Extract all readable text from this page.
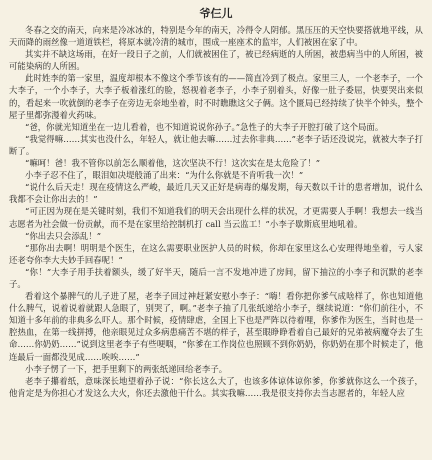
爷仨儿

冬春之交的南天，向来是冷冰冰的，特别是今年的南天，冷得令人阴郁。黑压压的天空快要搭就地平线，从天而降的雨丝像一道道铁栏，将原本就冷清的城市，围成一座座术的监牢，人们被困在家了中。

其实并不缺这场雨，在好一段日子之前，人们就被困住了，被已经病逝的人所困，被患病当中的人所困，被可能染病的人所困。

此时姓李的第一家里，温度却根本不像这个季节该有的——简直冷到了极点。家里三人，一个老李子，一个大李子，一个小李子，大李子板着涨红的脸，怒视着老李子，小李子别着头，好像一肚子委屈，快要哭出来似的，看起来一吹就倒的老李子在旁边无奈地坐着，时不时瞧瞧这父子俩。这个匮局已经持续了快半个钟头，整个屋子里都弥漫着火药味。

“爸，你就光知道坐在一边儿看着，也不知道说说你孙子。”急性子的大李子开腔打破了这个局面。

“我觉得嘛……其实也没什么，年轻人，就让他去嘛……过去你非典……”老李子话还没说完，就被大李子打断了。

“嘛呵！爸！我不管你以前怎么顺着他，这次坚决不行！这次实在是太危险了！”

小李子忍不住了，眼泪如决堤般涌了出来：“为什么你就是不肯听我一次！”

“说什么后天走！现在疫情这么严峻，最近几天又正好是病毒的爆发期，每天数以千计的患者增加，说什么我都不会让你出去的！”

“可正因为现在是关键时刻，我们不知道我们的明天会出现什么样的状况，才更需要人手啊！我想去一线当志愿者为社会做一份贡献，而不是在家里给控制机打 call 当云监工！”小李子歇斯底里地吼着。

“你出去只会添乱！”

“那你出去啊！明明是个医生，在这么需要职业医护人员的时候，你却在家里这么心安理得地坐着，亏人家还老夸你李大夫妙手回春呢！”

“你！”大李子用手扶着额头，缓了好半天，随后一言不发地冲进了房间，留下抽泣的小李子和沉默的老李子。

看着这个暴脾气的儿子进了屋，老李子回过神赶紧安慰小李子：“嗨！看你把你爹气成啥样了，你也知道他什么脾气，说着说着就跟人急眼了，别哭了，啊。”老李子抽了几张纸递给小李子，继续说道：“你们前往小，不知道十多年前的非典多么吓人。那个时候，疫情肆虐，全国上下也是严阵以待着哩，你爹作为医生，当时也是一腔热血，在第一线拼搏，他亲眼见过众多病患痛苦不堪的样子，甚至眼睁睁看着自己最好的兄弟被病魔夺去了生命……你奶奶……”说到这里老李子有些哽咽，“你爹在工作岗位也照顾不到你奶奶，你奶奶在那个时候走了，他连最后一面都没见成……唉唉……”

小李子愣了一下，把手里剩下的两张纸递回给老李子。

老李子攥着纸，意味深长地望着孙子说：“你长这么大了，也该多体谅体谅你爹，你爹就你这么一个孩子，他肯定是为你担心才发这么大火，你还去激他干什么。其实我嘛……我是很支持你去当志愿者的，年轻人应
